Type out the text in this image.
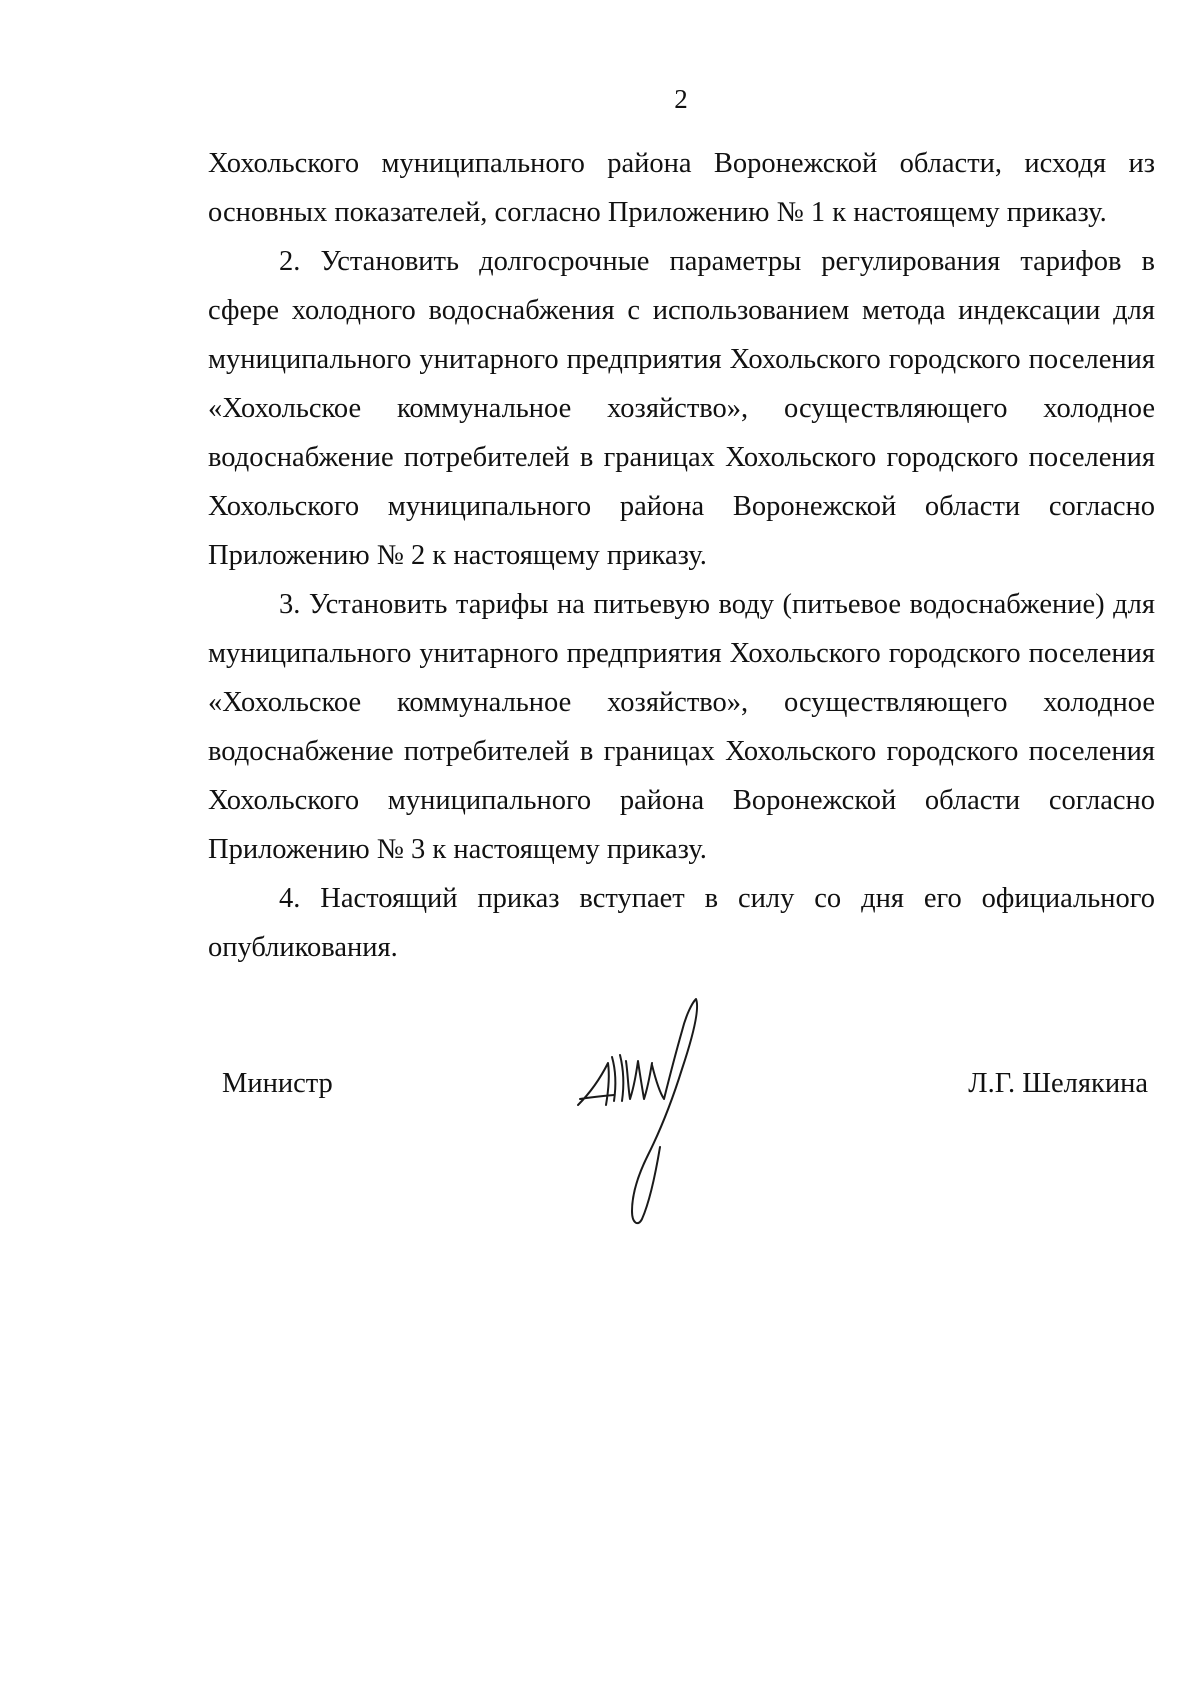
2

Хохольского муниципального района Воронежской области, исходя из основных показателей, согласно Приложению № 1 к настоящему приказу.

2. Установить долгосрочные параметры регулирования тарифов в сфере холодного водоснабжения с использованием метода индексации для муниципального унитарного предприятия Хохольского городского поселения «Хохольское коммунальное хозяйство», осуществляющего холодное водоснабжение потребителей в границах Хохольского городского поселения Хохольского муниципального района Воронежской области согласно Приложению № 2 к настоящему приказу.

3. Установить тарифы на питьевую воду (питьевое водоснабжение) для муниципального унитарного предприятия Хохольского городского поселения «Хохольское коммунальное хозяйство», осуществляющего холодное водоснабжение потребителей в границах Хохольского городского поселения Хохольского муниципального района Воронежской области согласно Приложению № 3 к настоящему приказу.

4. Настоящий приказ вступает в силу со дня его официального опубликования.

Министр	Л.Г. Шелякина
